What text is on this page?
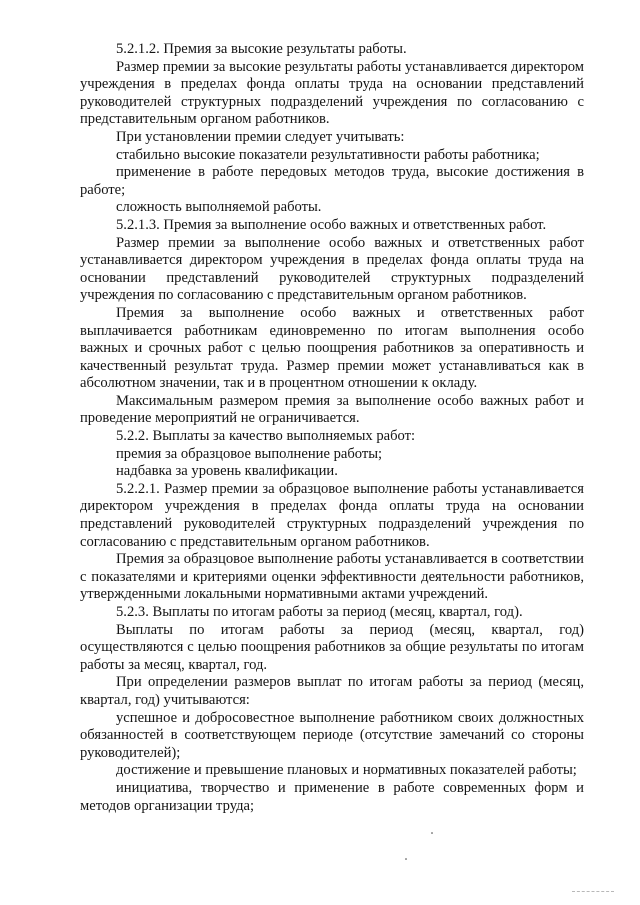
5.2.1.2. Премия за высокие результаты работы.

Размер премии за высокие результаты работы устанавливается директором учреждения в пределах фонда оплаты труда на основании представлений руководителей структурных подразделений учреждения по согласованию с представительным органом работников.

При установлении премии следует учитывать:

стабильно высокие показатели результативности работы работника;

применение в работе передовых методов труда, высокие достижения в работе;

сложность выполняемой работы.

5.2.1.3. Премия за выполнение особо важных и ответственных работ.

Размер премии за выполнение особо важных и ответственных работ устанавливается директором учреждения в пределах фонда оплаты труда на основании представлений руководителей структурных подразделений учреждения по согласованию с представительным органом работников.

Премия за выполнение особо важных и ответственных работ выплачивается работникам единовременно по итогам выполнения особо важных и срочных работ с целью поощрения работников за оперативность и качественный результат труда. Размер премии может устанавливаться как в абсолютном значении, так и в процентном отношении к окладу.

Максимальным размером премия за выполнение особо важных работ и проведение мероприятий не ограничивается.

5.2.2. Выплаты за качество выполняемых работ:

премия за образцовое выполнение работы;

надбавка за уровень квалификации.

5.2.2.1. Размер премии за образцовое выполнение работы устанавливается директором учреждения в пределах фонда оплаты труда на основании представлений руководителей структурных подразделений учреждения по согласованию с представительным органом работников.

Премия за образцовое выполнение работы устанавливается в соответствии с показателями и критериями оценки эффективности деятельности работников, утвержденными локальными нормативными актами учреждений.

5.2.3. Выплаты по итогам работы за период (месяц, квартал, год).

Выплаты по итогам работы за период (месяц, квартал, год) осуществляются с целью поощрения работников за общие результаты по итогам работы за месяц, квартал, год.

При определении размеров выплат по итогам работы за период (месяц, квартал, год) учитываются:

успешное и добросовестное выполнение работником своих должностных обязанностей в соответствующем периоде (отсутствие замечаний со стороны руководителей);

достижение и превышение плановых и нормативных показателей работы;

инициатива, творчество и применение в работе современных форм и методов организации труда;
